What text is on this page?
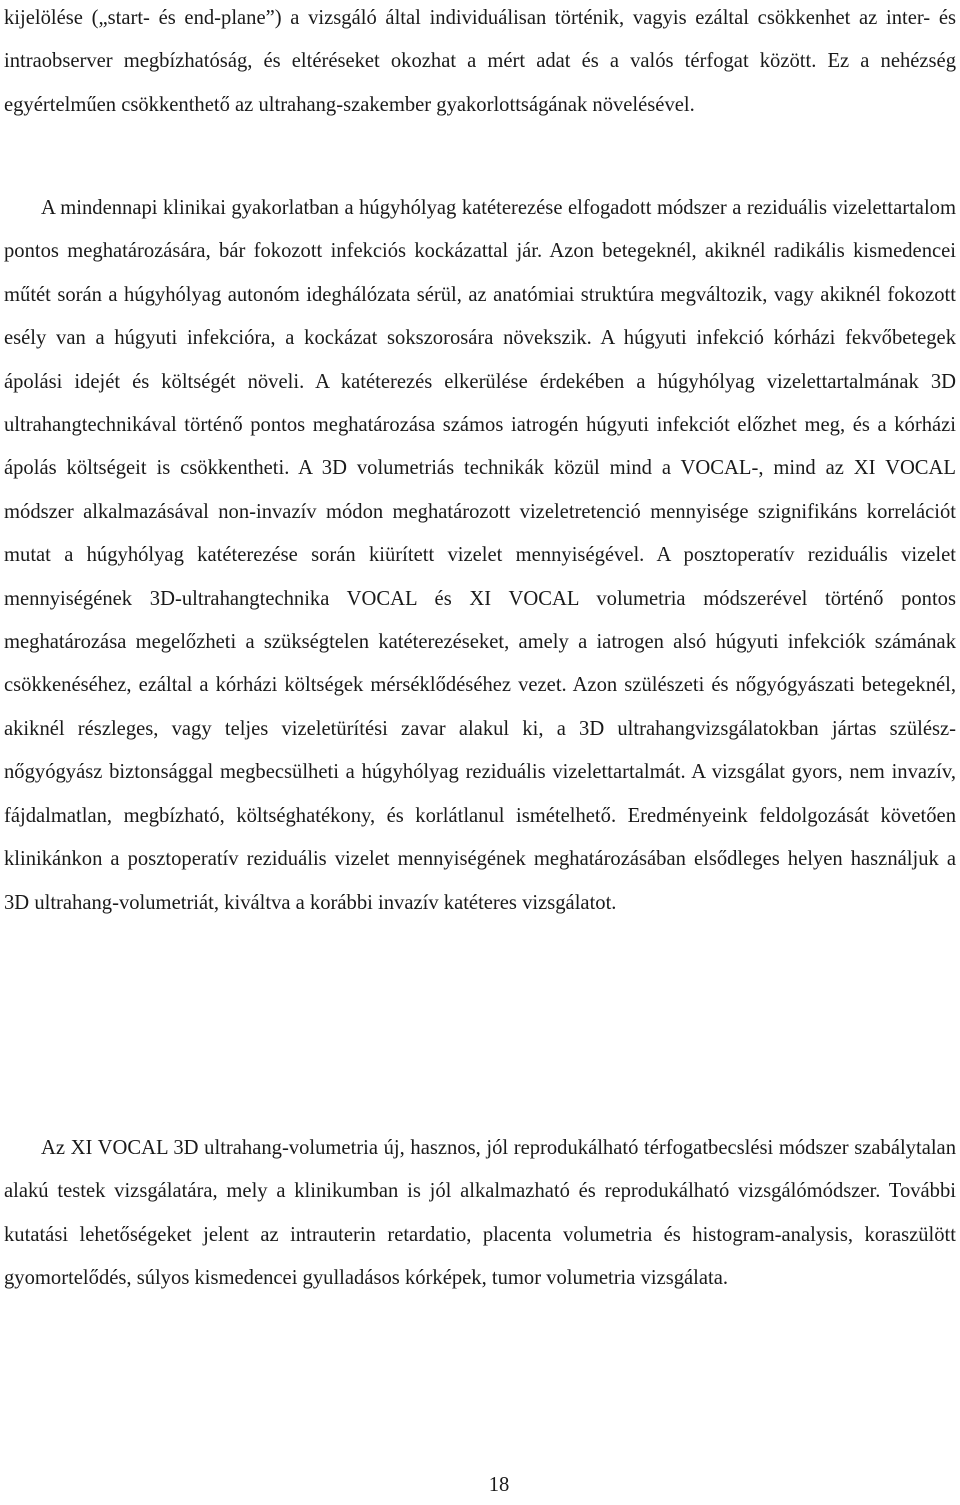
kijelölése („start- és end-plane”) a vizsgáló által individuálisan történik, vagyis ezáltal csökkenhet az inter- és intraobserver megbízhatóság, és eltéréseket okozhat a mért adat és a valós térfogat között. Ez a nehézség egyértelműen csökkenthető az ultrahang-szakember gyakorlottságának növelésével.

A mindennapi klinikai gyakorlatban a húgyhólyag katéterezése elfogadott módszer a reziduális vizelettartalom pontos meghatározására, bár fokozott infekciós kockázattal jár. Azon betegeknél, akiknél radikális kismedencei műtét során a húgyhólyag autonóm ideghálózata sérül, az anatómiai struktúra megváltozik, vagy akiknél fokozott esély van a húgyuti infekcióra, a kockázat sokszorosára növekszik. A húgyuti infekció kórházi fekvőbetegek ápolási idejét és költségét növeli. A katéterezés elkerülése érdekében a húgyhólyag vizelettartalmának 3D ultrahangtechnikával történő pontos meghatározása számos iatrogén húgyuti infekciót előzhet meg, és a kórházi ápolás költségeit is csökkentheti. A 3D volumetriás technikák közül mind a VOCAL-, mind az XI VOCAL módszer alkalmazásával non-invazív módon meghatározott vizeletretenció mennyisége szignifikáns korrelációt mutat a húgyhólyag katéterezése során kiürített vizelet mennyiségével. A posztoperatív reziduális vizelet mennyiségének 3D-ultrahangtechnika VOCAL és XI VOCAL volumetria módszerével történő pontos meghatározása megelőzheti a szükségtelen katéterezéseket, amely a iatrogen alsó húgyuti infekciók számának csökkenéséhez, ezáltal a kórházi költségek mérséklődéséhez vezet. Azon szülészeti és nőgyógyászati betegeknél, akiknél részleges, vagy teljes vizeletürítési zavar alakul ki, a 3D ultrahangvizsgálatokban jártas szülész-nőgyógyász biztonsággal megbecsülheti a húgyhólyag reziduális vizelettartalmát. A vizsgálat gyors, nem invazív, fájdalmatlan, megbízható, költséghatékony, és korlátlanul ismételhető. Eredményeink feldolgozását követően klinikánkon a posztoperatív reziduális vizelet mennyiségének meghatározásában elsődleges helyen használjuk a 3D ultrahang-volumetriát, kiváltva a korábbi invazív katéteres vizsgálatot.

Az XI VOCAL 3D ultrahang-volumetria új, hasznos, jól reprodukálható térfogatbecslési módszer szabálytalan alakú testek vizsgálatára, mely a klinikumban is jól alkalmazható és reprodukálható vizsgálómódszer. További kutatási lehetőségeket jelent az intrauterin retardatio, placenta volumetria és histogram-analysis, koraszülött gyomortelődés, súlyos kismedencei gyulladásos kórképek, tumor volumetria vizsgálata.

18
